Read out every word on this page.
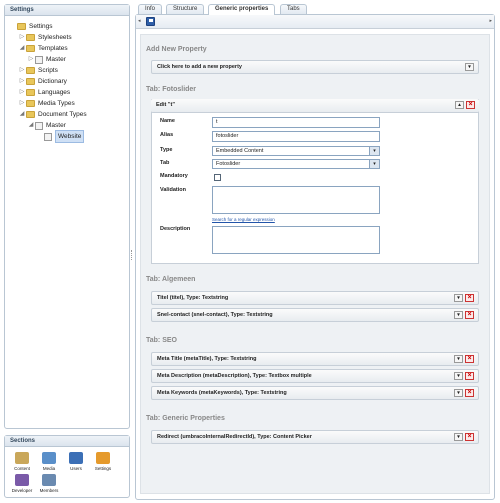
Settings
Settings
▷ Stylesheets
◢ Templates
▷ Master
▷ Scripts
▷ Dictionary
▷ Languages
▷ Media Types
◢ Document Types
◢ Master
Website
Sections
Content	Media	Users	Settings
Developer	Members
Info	Structure	Generic properties	Tabs
◂	▸
Add New Property
Click here to add a new property	▾
Tab: Fotoslider
Edit "t"	▴	×
Name	t
Alias	fotoslider
Type	Embedded Content	▾
Tab	Fotoslider	▾
Mandatory
Validation
Search for a regular expression
Description
Tab: Algemeen
Titel (titel), Type: Textstring	▾	×
Snel-contact (snel-contact), Type: Textstring	▾	×
Tab: SEO
Meta Title (metaTitle), Type: Textstring	▾	×
Meta Description (metaDescription), Type: Textbox multiple	▾	×
Meta Keywords (metaKeywords), Type: Textstring	▾	×
Tab: Generic Properties
Redirect (umbracoInternalRedirectId), Type: Content Picker	▾	×
